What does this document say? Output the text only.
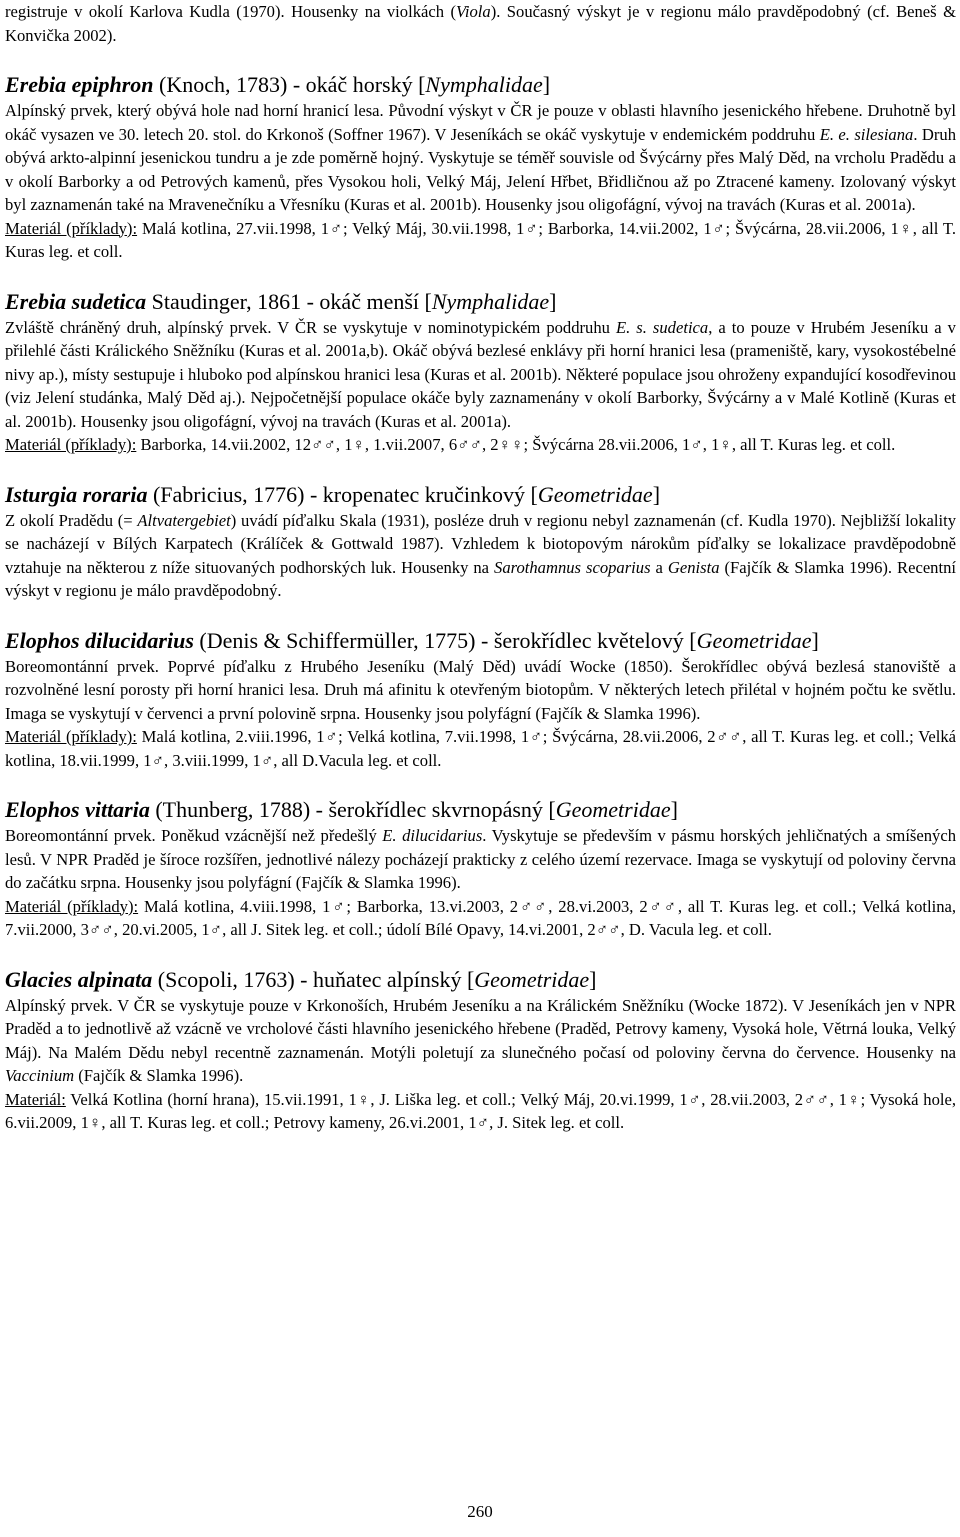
registruje v okolí Karlova Kudla (1970). Housenky na violkách (Viola). Současný výskyt je v regionu málo pravděpodobný (cf. Beneš & Konvička 2002).

Erebia epiphron (Knoch, 1783) - okáč horský [Nymphalidae]

Alpínský prvek, který obývá hole nad horní hranicí lesa. Původní výskyt v ČR je pouze v oblasti hlavního jesenického hřebene. Druhotně byl okáč vysazen ve 30. letech 20. stol. do Krkonoš (Soffner 1967). V Jeseníkách se okáč vyskytuje v endemickém poddruhu E. e. silesiana. Druh obývá arkto-alpinní jesenickou tundru a je zde poměrně hojný. Vyskytuje se téměř souvisle od Švýcárny přes Malý Děd, na vrcholu Pradědu a v okolí Barborky a od Petrových kamenů, přes Vysokou holi, Velký Máj, Jelení Hřbet, Břidličnou až po Ztracené kameny. Izolovaný výskyt byl zaznamenán také na Mravenečníku a Vřesníku (Kuras et al. 2001b). Housenky jsou oligofágní, vývoj na travách (Kuras et al. 2001a).

Materiál (příklady): Malá kotlina, 27.vii.1998, 1♂; Velký Máj, 30.vii.1998, 1♂; Barborka, 14.vii.2002, 1♂; Švýcárna, 28.vii.2006, 1♀, all T. Kuras leg. et coll.

Erebia sudetica Staudinger, 1861 - okáč menší [Nymphalidae]

Zvláště chráněný druh, alpínský prvek. V ČR se vyskytuje v nominotypickém poddruhu E. s. sudetica, a to pouze v Hrubém Jeseníku a v přilehlé části Králického Sněžníku (Kuras et al. 2001a,b). Okáč obývá bezlesé enklávy při horní hranici lesa (prameniště, kary, vysokostébelné nivy ap.), místy sestupuje i hluboko pod alpínskou hranici lesa (Kuras et al. 2001b). Některé populace jsou ohroženy expandující kosodřevinou (viz Jelení studánka, Malý Děd aj.). Nejpočetnější populace okáče byly zaznamenány v okolí Barborky, Švýcárny a v Malé Kotlině (Kuras et al. 2001b). Housenky jsou oligofágní, vývoj na travách (Kuras et al. 2001a).

Materiál (příklady): Barborka, 14.vii.2002, 12♂♂, 1♀, 1.vii.2007, 6♂♂, 2♀♀; Švýcárna 28.vii.2006, 1♂, 1♀, all T. Kuras leg. et coll.

Isturgia roraria (Fabricius, 1776) - kropenatec kručinkový [Geometridae]

Z okolí Pradědu (= Altvatergebiet) uvádí píďalku Skala (1931), posléze druh v regionu nebyl zaznamenán (cf. Kudla 1970). Nejbližší lokality se nacházejí v Bílých Karpatech (Králíček & Gottwald 1987). Vzhledem k biotopovým nárokům píďalky se lokalizace pravděpodobně vztahuje na některou z níže situovaných podhorských luk. Housenky na Sarothamnus scoparius a Genista (Fajčík & Slamka 1996). Recentní výskyt v regionu je málo pravděpodobný.

Elophos dilucidarius (Denis & Schiffermüller, 1775) - šerokřídlec květelový [Geometridae]

Boreomontánní prvek. Poprvé píďalku z Hrubého Jeseníku (Malý Děd) uvádí Wocke (1850). Šerokřídlec obývá bezlesá stanoviště a rozvolněné lesní porosty při horní hranici lesa. Druh má afinitu k otevřeným biotopům. V některých letech přilétal v hojném počtu ke světlu. Imaga se vyskytují v červenci a první polovině srpna. Housenky jsou polyfágní (Fajčík & Slamka 1996).

Materiál (příklady): Malá kotlina, 2.viii.1996, 1♂; Velká kotlina, 7.vii.1998, 1♂; Švýcárna, 28.vii.2006, 2♂♂, all T. Kuras leg. et coll.; Velká kotlina, 18.vii.1999, 1♂, 3.viii.1999, 1♂, all D.Vacula leg. et coll.

Elophos vittaria (Thunberg, 1788) - šerokřídlec skvrnopásný [Geometridae]

Boreomontánní prvek. Poněkud vzácnější než předešlý E. dilucidarius. Vyskytuje se především v pásmu horských jehličnatých a smíšených lesů. V NPR Praděd je šíroce rozšířen, jednotlivé nálezy pocházejí prakticky z celého území rezervace. Imaga se vyskytují od poloviny června do začátku srpna. Housenky jsou polyfágní (Fajčík & Slamka 1996).

Materiál (příklady): Malá kotlina, 4.viii.1998, 1♂; Barborka, 13.vi.2003, 2♂♂, 28.vi.2003, 2♂♂, all T. Kuras leg. et coll.; Velká kotlina, 7.vii.2000, 3♂♂, 20.vi.2005, 1♂, all J. Sitek leg. et coll.; údolí Bílé Opavy, 14.vi.2001, 2♂♂, D. Vacula leg. et coll.

Glacies alpinata (Scopoli, 1763) - huňatec alpínský [Geometridae]

Alpínský prvek. V ČR se vyskytuje pouze v Krkonoších, Hrubém Jeseníku a na Králickém Sněžníku (Wocke 1872). V Jeseníkách jen v NPR Praděd a to jednotlivě až vzácně ve vrcholové části hlavního jesenického hřebene (Praděd, Petrovy kameny, Vysoká hole, Větrná louka, Velký Máj). Na Malém Dědu nebyl recentně zaznamenán. Motýli poletují za slunečného počasí od poloviny června do července. Housenky na Vaccinium (Fajčík & Slamka 1996).

Materiál: Velká Kotlina (horní hrana), 15.vii.1991, 1♀, J. Liška leg. et coll.; Velký Máj, 20.vi.1999, 1♂, 28.vii.2003, 2♂♂, 1♀; Vysoká hole, 6.vii.2009, 1♀, all T. Kuras leg. et coll.; Petrovy kameny, 26.vi.2001, 1♂, J. Sitek leg. et coll.

260
